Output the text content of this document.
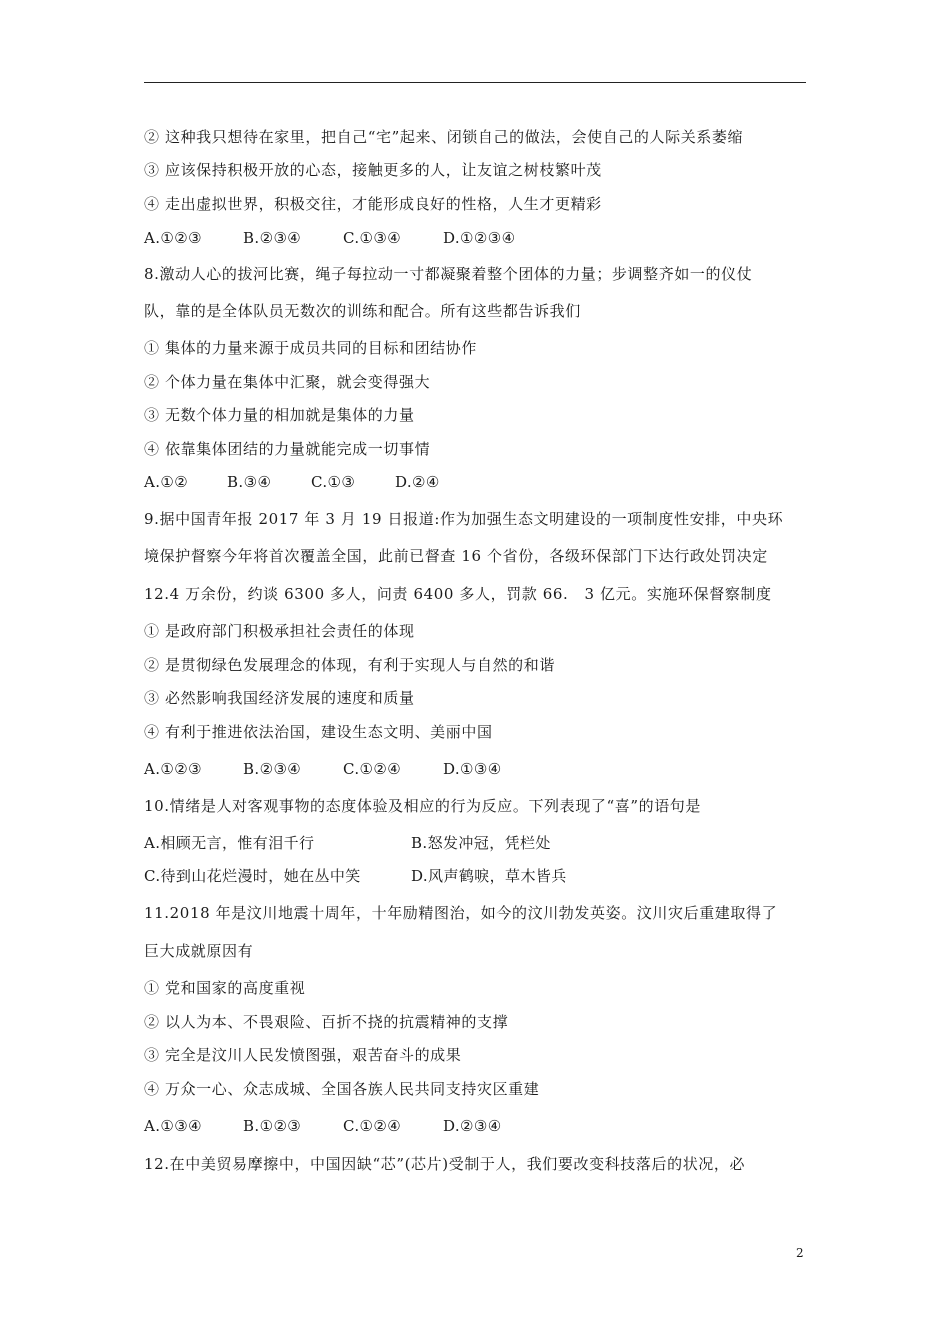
② 这种我只想待在家里，把自己“宅”起来、闭锁自己的做法，会使自己的人际关系萎缩
③ 应该保持积极开放的心态，接触更多的人，让友谊之树枝繁叶茂
④ 走出虚拟世界，积极交往，才能形成良好的性格，人生才更精彩
A.①②③	B.②③④	C.①③④	D.①②③④
8.激动人心的拔河比赛，绳子每拉动一寸都凝聚着整个团体的力量；步调整齐如一的仪仗
队，靠的是全体队员无数次的训练和配合。所有这些都告诉我们
① 集体的力量来源于成员共同的目标和团结协作
② 个体力量在集体中汇聚，就会变得强大
③ 无数个体力量的相加就是集体的力量
④ 依靠集体团结的力量就能完成一切事情
A.①②	B.③④	C.①③	D.②④
9.据中国青年报 2017 年 3 月 19 日报道:作为加强生态文明建设的一项制度性安排，中央环
境保护督察今年将首次覆盖全国，此前已督查 16 个省份，各级环保部门下达行政处罚决定
12.4 万余份，约谈 6300 多人，问责 6400 多人，罚款 66.   3 亿元。实施环保督察制度
① 是政府部门积极承担社会责任的体现
② 是贯彻绿色发展理念的体现，有利于实现人与自然的和谐
③ 必然影响我国经济发展的速度和质量
④ 有利于推进依法治国，建设生态文明、美丽中国
A.①②③	B.②③④	C.①②④	D.①③④
10.情绪是人对客观事物的态度体验及相应的行为反应。下列表现了“喜”的语句是
A.相顾无言，惟有泪千行	B.怒发冲冠，凭栏处
C.待到山花烂漫时，她在丛中笑	D.风声鹤唳，草木皆兵
11.2018 年是汶川地震十周年，十年励精图治，如今的汶川勃发英姿。汶川灾后重建取得了
巨大成就原因有
① 党和国家的高度重视
② 以人为本、不畏艰险、百折不挠的抗震精神的支撑
③ 完全是汶川人民发愤图强，艰苦奋斗的成果
④ 万众一心、众志成城、全国各族人民共同支持灾区重建
A.①③④	B.①②③	C.①②④	D.②③④
12.在中美贸易摩擦中，中国因缺“芯”(芯片)受制于人，我们要改变科技落后的状况，必
2
